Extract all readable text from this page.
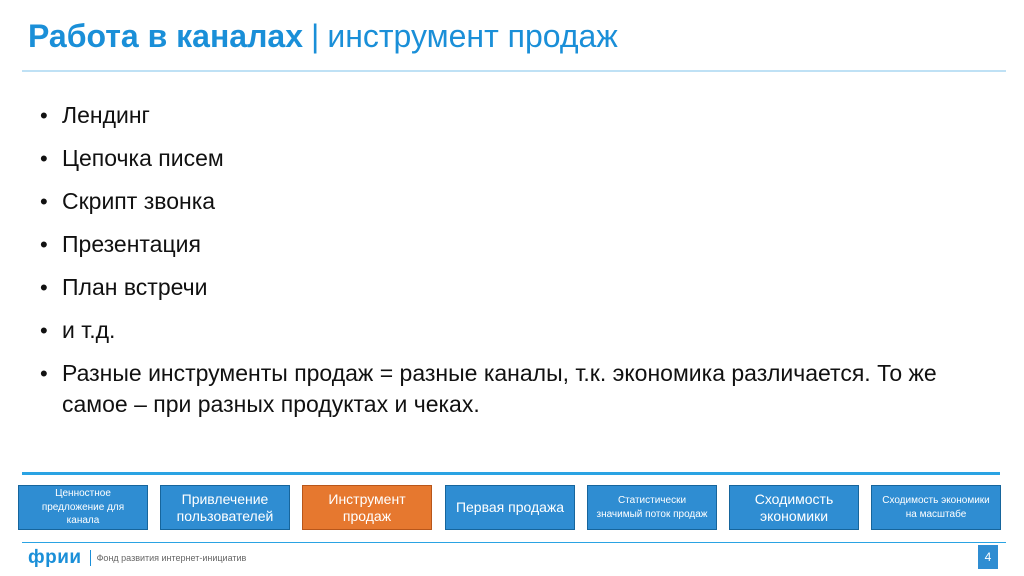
Работа в каналах | инструмент продаж
• Лендинг
• Цепочка писем
• Скрипт звонка
• Презентация
• План встречи
• и т.д.
• Разные инструменты продаж = разные каналы, т.к. экономика различается. То же самое – при разных продуктах и чеках.
Ценностное предложение для канала
Привлечение пользователей
Инструмент продаж
Первая продажа	Статистически значимый поток продаж
Сходимость экономики
Сходимость экономики на масштабе
фрии Фонд развития интернет-инициатив	4
